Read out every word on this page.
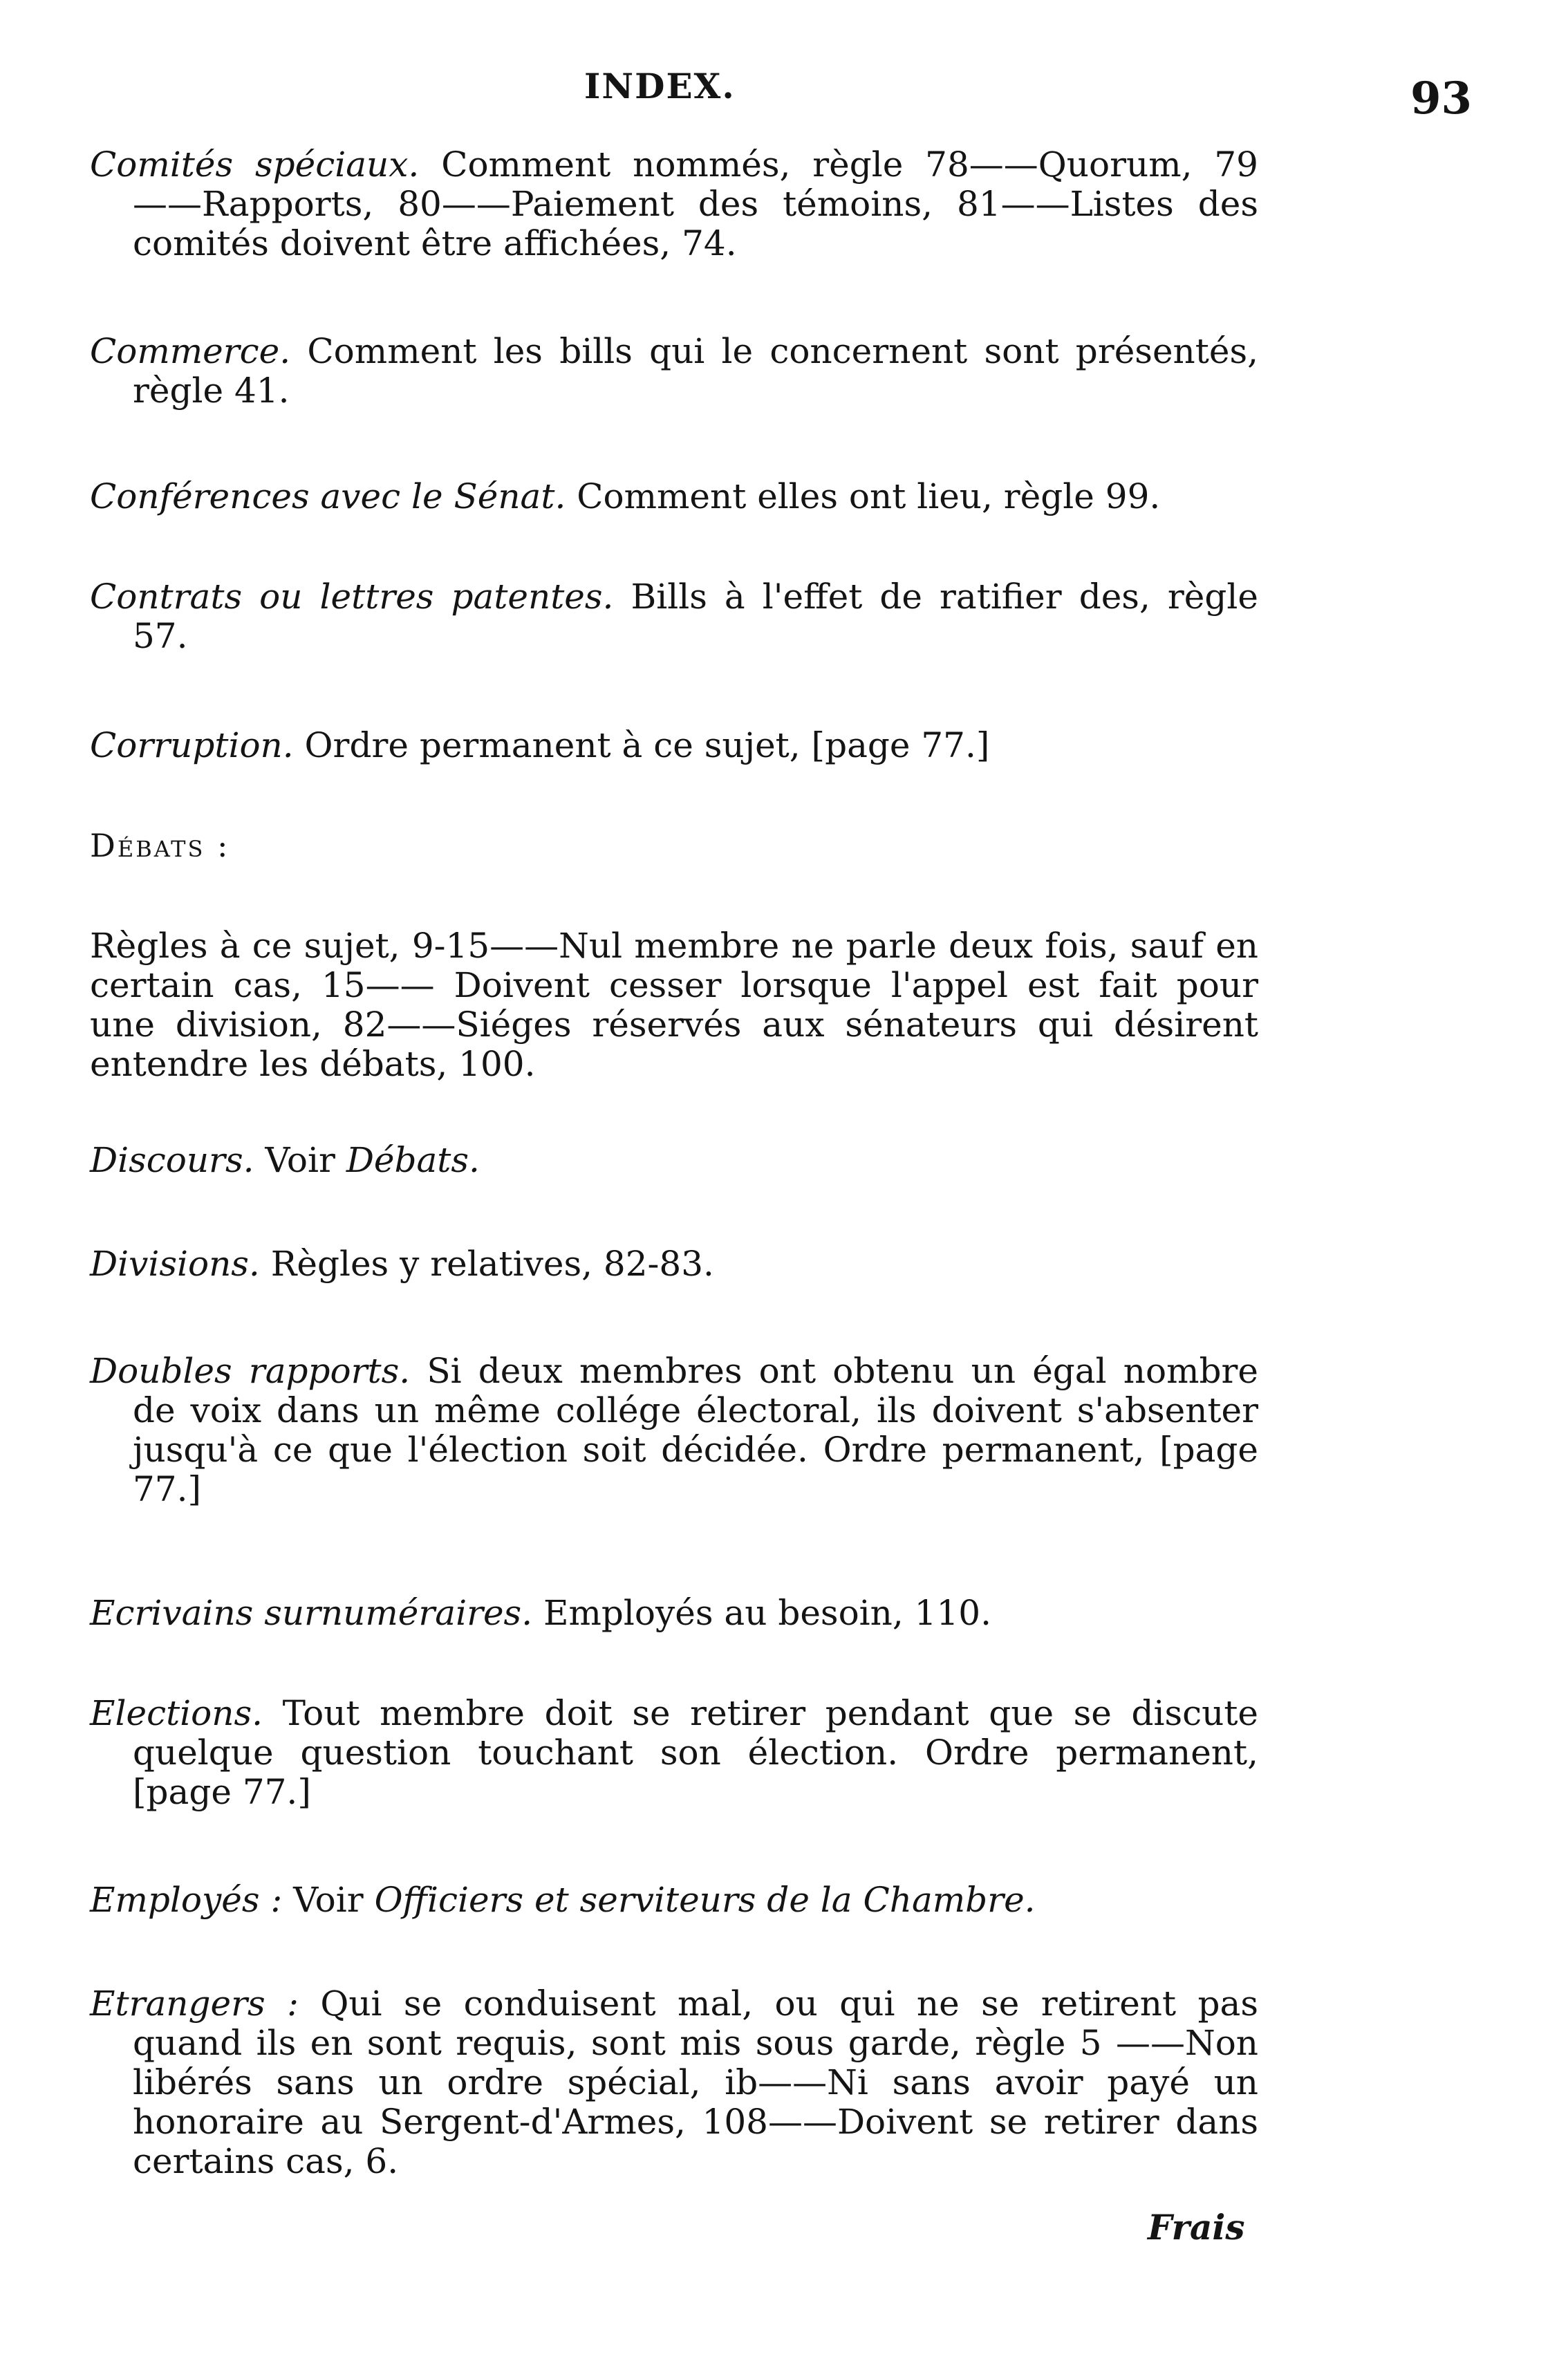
INDEX.	93

Comités spéciaux. Comment nommés, règle 78——Quorum, 79——Rapports, 80——Paiement des témoins, 81——Listes des comités doivent être affichées, 74.

Commerce. Comment les bills qui le concernent sont présentés, règle 41.

Conférences avec le Sénat. Comment elles ont lieu, règle 99.

Contrats ou lettres patentes. Bills à l'effet de ratifier des, règle 57.

Corruption. Ordre permanent à ce sujet, [page 77.]

Débats :

Règles à ce sujet, 9-15——Nul membre ne parle deux fois, sauf en certain cas, 15—— Doivent cesser lorsque l'appel est fait pour une division, 82——Siéges réservés aux sénateurs qui désirent entendre les débats, 100.

Discours. Voir Débats.

Divisions. Règles y relatives, 82-83.

Doubles rapports. Si deux membres ont obtenu un égal nombre de voix dans un même collége électoral, ils doivent s'absenter jusqu'à ce que l'élection soit décidée. Ordre permanent, [page 77.]

Ecrivains surnuméraires. Employés au besoin, 110.

Elections. Tout membre doit se retirer pendant que se discute quelque question touchant son élection. Ordre permanent, [page 77.]

Employés : Voir Officiers et serviteurs de la Chambre.

Etrangers : Qui se conduisent mal, ou qui ne se retirent pas quand ils en sont requis, sont mis sous garde, règle 5 ——Non libérés sans un ordre spécial, ib——Ni sans avoir payé un honoraire au Sergent-d'Armes, 108——Doivent se retirer dans certains cas, 6.

Frais
